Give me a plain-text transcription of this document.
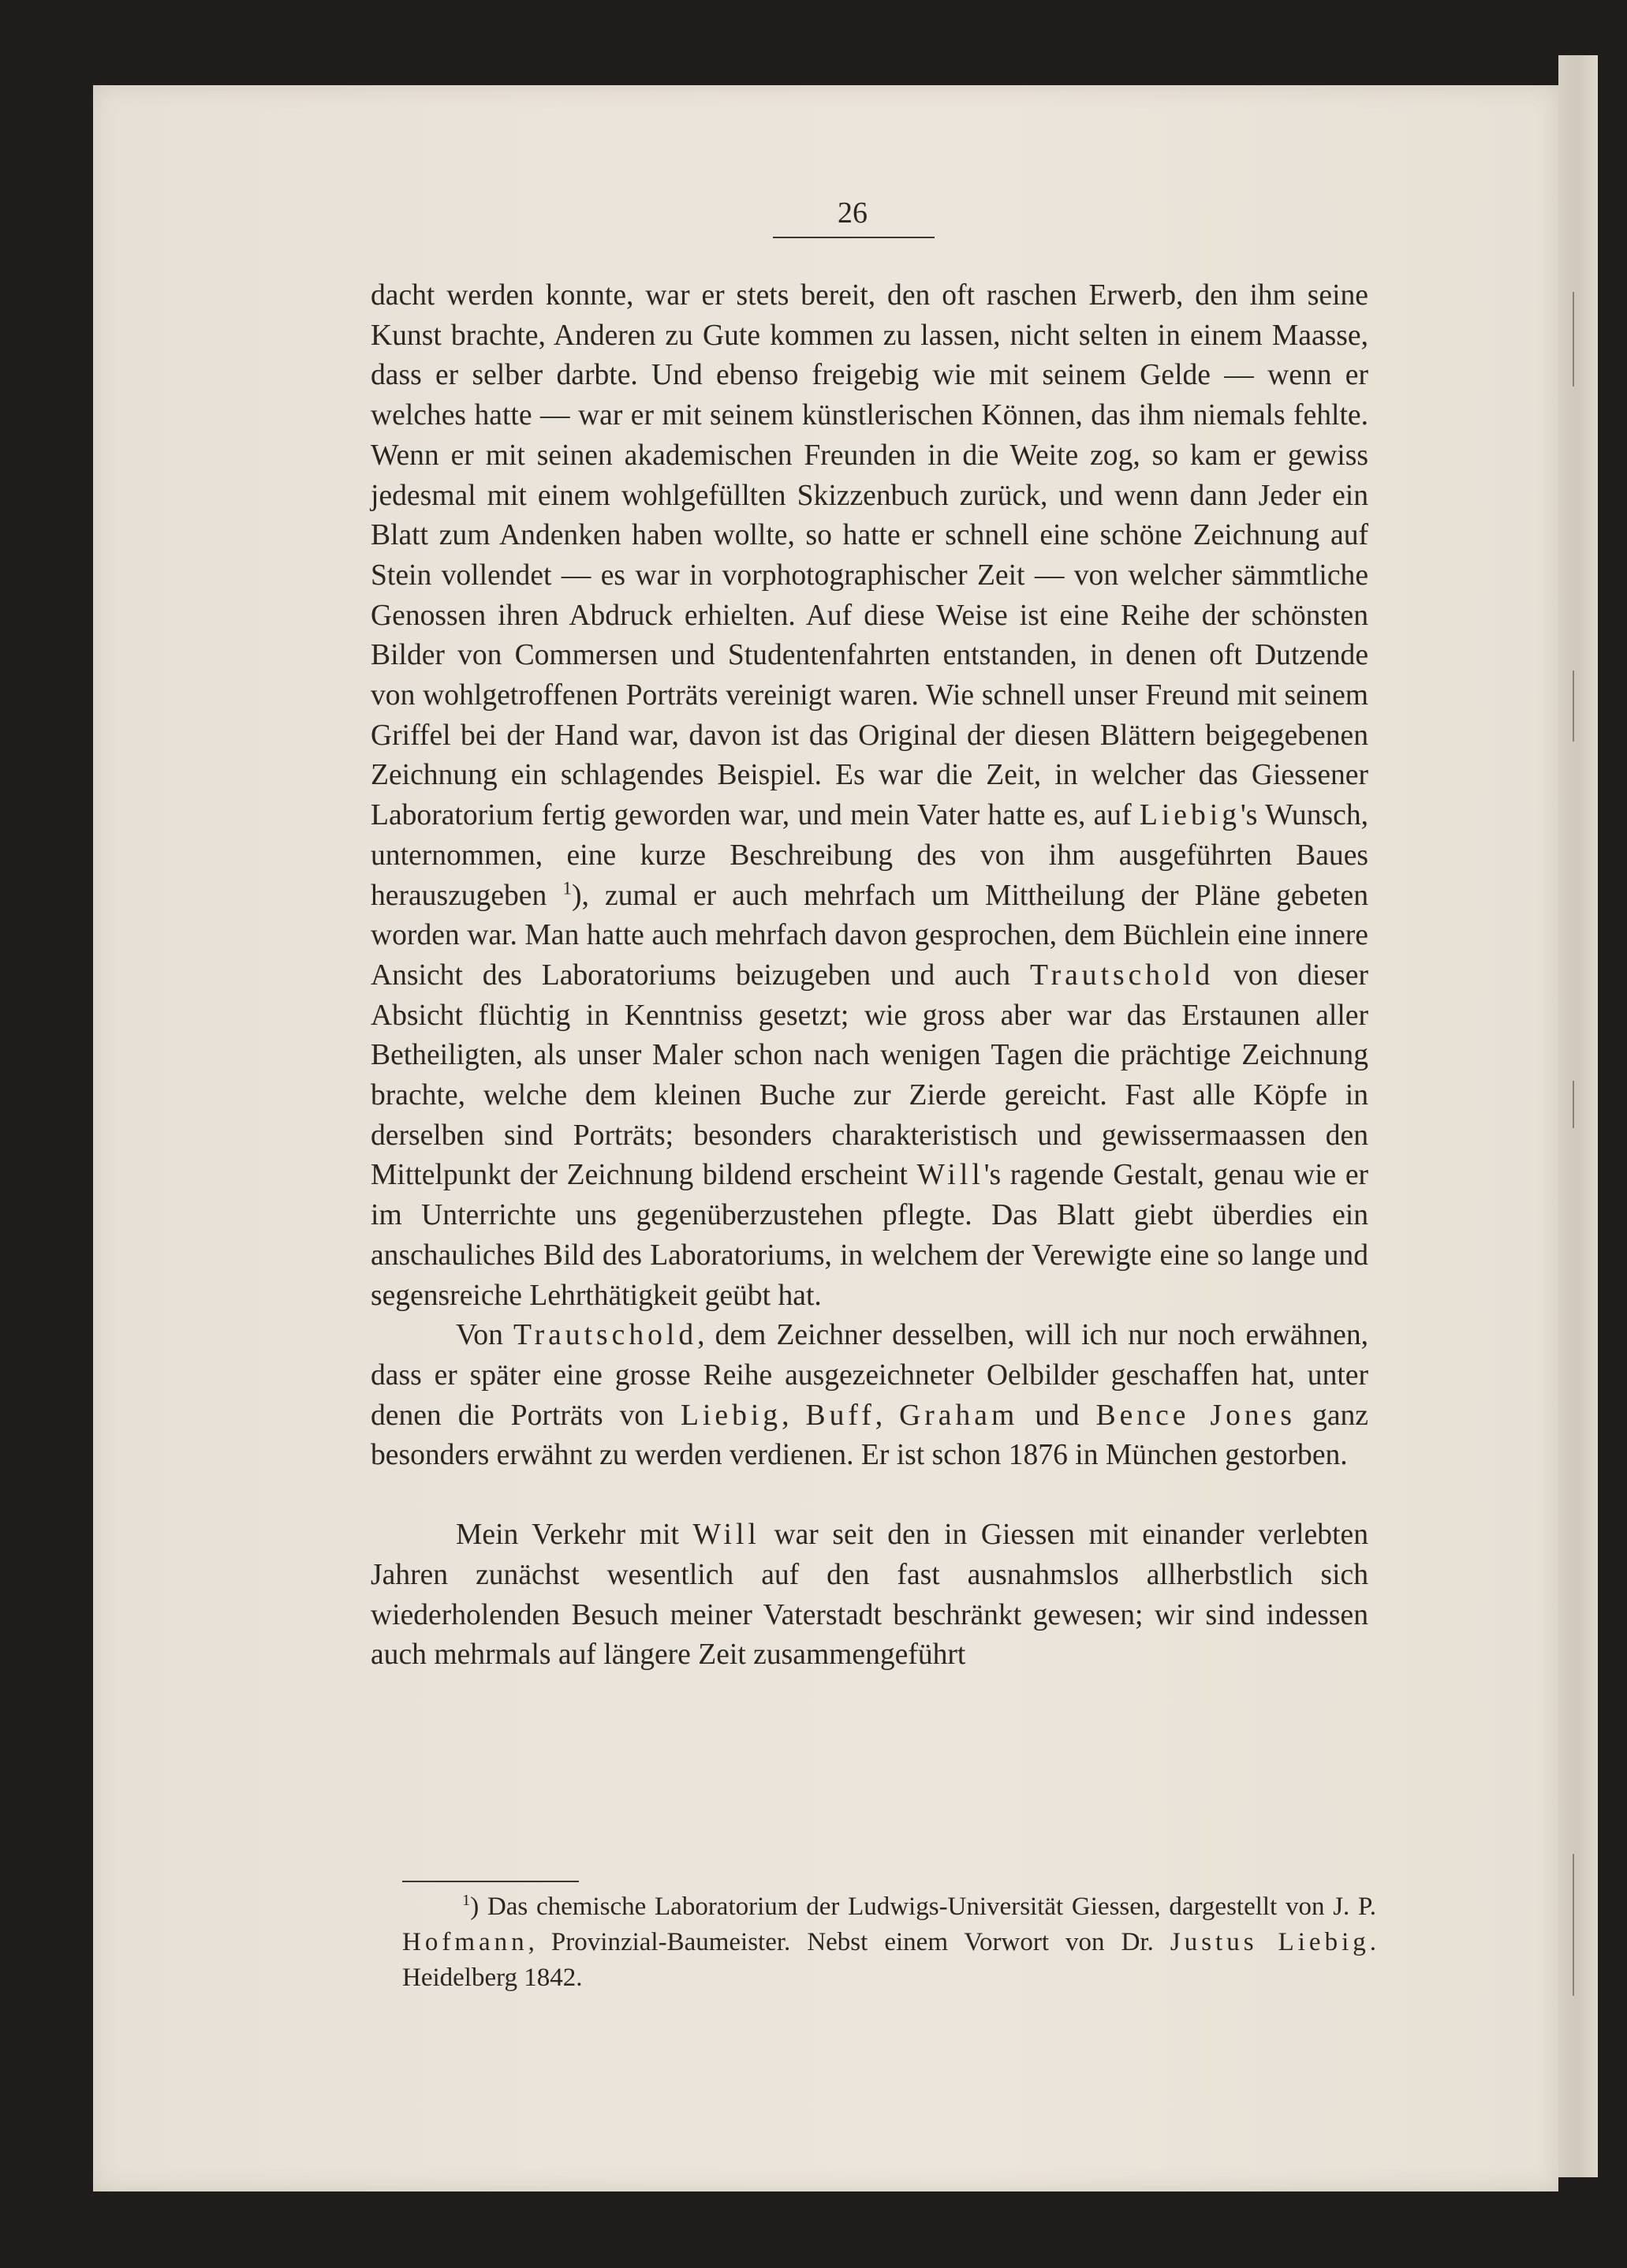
26

dacht werden konnte, war er stets bereit, den oft raschen Erwerb, den ihm seine Kunst brachte, Anderen zu Gute kommen zu lassen, nicht selten in einem Maasse, dass er selber darbte. Und ebenso freigebig wie mit seinem Gelde — wenn er welches hatte — war er mit seinem künstlerischen Können, das ihm niemals fehlte. Wenn er mit seinen akademischen Freunden in die Weite zog, so kam er gewiss jedesmal mit einem wohlgefüllten Skizzenbuch zurück, und wenn dann Jeder ein Blatt zum Andenken haben wollte, so hatte er schnell eine schöne Zeichnung auf Stein vollendet — es war in vorphotographischer Zeit — von welcher sämmtliche Genossen ihren Abdruck erhielten. Auf diese Weise ist eine Reihe der schönsten Bilder von Commersen und Studentenfahrten entstanden, in denen oft Dutzende von wohlgetroffenen Porträts vereinigt waren. Wie schnell unser Freund mit seinem Griffel bei der Hand war, davon ist das Original der diesen Blättern beigegebenen Zeichnung ein schlagendes Beispiel. Es war die Zeit, in welcher das Giessener Laboratorium fertig geworden war, und mein Vater hatte es, auf Liebig's Wunsch, unternommen, eine kurze Beschreibung des von ihm ausgeführten Baues herauszugeben $^1$), zumal er auch mehrfach um Mittheilung der Pläne gebeten worden war. Man hatte auch mehrfach davon gesprochen, dem Büchlein eine innere Ansicht des Laboratoriums beizugeben und auch Trautschold von dieser Absicht flüchtig in Kenntniss gesetzt; wie gross aber war das Erstaunen aller Betheiligten, als unser Maler schon nach wenigen Tagen die prächtige Zeichnung brachte, welche dem kleinen Buche zur Zierde gereicht. Fast alle Köpfe in derselben sind Porträts; besonders charakteristisch und gewissermaassen den Mittelpunkt der Zeichnung bildend erscheint Will's ragende Gestalt, genau wie er im Unterrichte uns gegenüberzustehen pflegte. Das Blatt giebt überdies ein anschauliches Bild des Laboratoriums, in welchem der Verewigte eine so lange und segensreiche Lehrthätigkeit geübt hat.

Von Trautschold, dem Zeichner desselben, will ich nur noch erwähnen, dass er später eine grosse Reihe ausgezeichneter Oelbilder geschaffen hat, unter denen die Porträts von Liebig, Buff, Graham und Bence Jones ganz besonders erwähnt zu werden verdienen. Er ist schon 1876 in München gestorben.

Mein Verkehr mit Will war seit den in Giessen mit einander verlebten Jahren zunächst wesentlich auf den fast ausnahmslos allherbstlich sich wiederholenden Besuch meiner Vaterstadt beschränkt gewesen; wir sind indessen auch mehrmals auf längere Zeit zusammengeführt

$^1$) Das chemische Laboratorium der Ludwigs-Universität Giessen, dargestellt von J. P. Hofmann, Provinzial-Baumeister. Nebst einem Vorwort von Dr. Justus Liebig. Heidelberg 1842.
